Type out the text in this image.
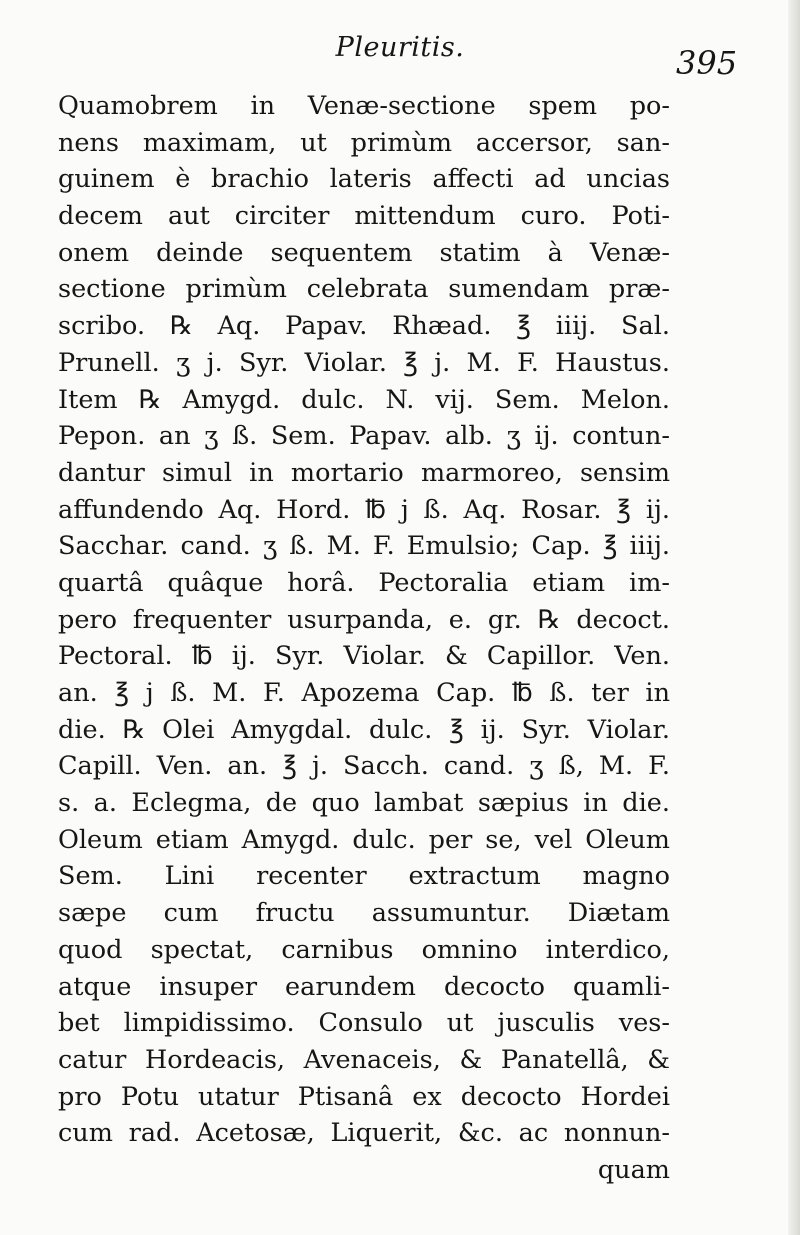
Pleuritis.	395
Quamobrem in Venæ-sectione spem po-
nens maximam, ut primùm accersor, san-
guinem è brachio lateris affecti ad uncias
decem aut circiter mittendum curo. Poti-
onem deinde sequentem statim à Venæ-
sectione primùm celebrata sumendam præ-
scribo. ℞ Aq. Papav. Rhæad. ℥ iiij. Sal.
Prunell. ʒ j. Syr. Violar. ℥ j. M. F. Haustus.
Item ℞ Amygd. dulc. N. vij. Sem. Melon.
Pepon. an ʒ ß. Sem. Papav. alb. ʒ ij. contun-
dantur simul in mortario marmoreo, sensim
affundendo Aq. Hord. ℔ j ß. Aq. Rosar. ℥ ij.
Sacchar. cand. ʒ ß. M. F. Emulsio; Cap. ℥ iiij.
quartâ quâque horâ. Pectoralia etiam im-
pero frequenter usurpanda, e. gr. ℞ decoct.
Pectoral. ℔ ij. Syr. Violar. & Capillor. Ven.
an. ℥ j ß. M. F. Apozema Cap. ℔ ß. ter in
die. ℞ Olei Amygdal. dulc. ℥ ij. Syr. Violar.
Capill. Ven. an. ℥ j. Sacch. cand. ʒ ß, M. F.
s. a. Eclegma, de quo lambat sæpius in die.
Oleum etiam Amygd. dulc. per se, vel Oleum
Sem. Lini recenter extractum magno
sæpe cum fructu assumuntur. Diætam
quod spectat, carnibus omnino interdico,
atque insuper earundem decocto quamli-
bet limpidissimo. Consulo ut jusculis ves-
catur Hordeacis, Avenaceis, & Panatellâ, &
pro Potu utatur Ptisanâ ex decocto Hordei
cum rad. Acetosæ, Liquerit, &c. ac nonnun-
quam
